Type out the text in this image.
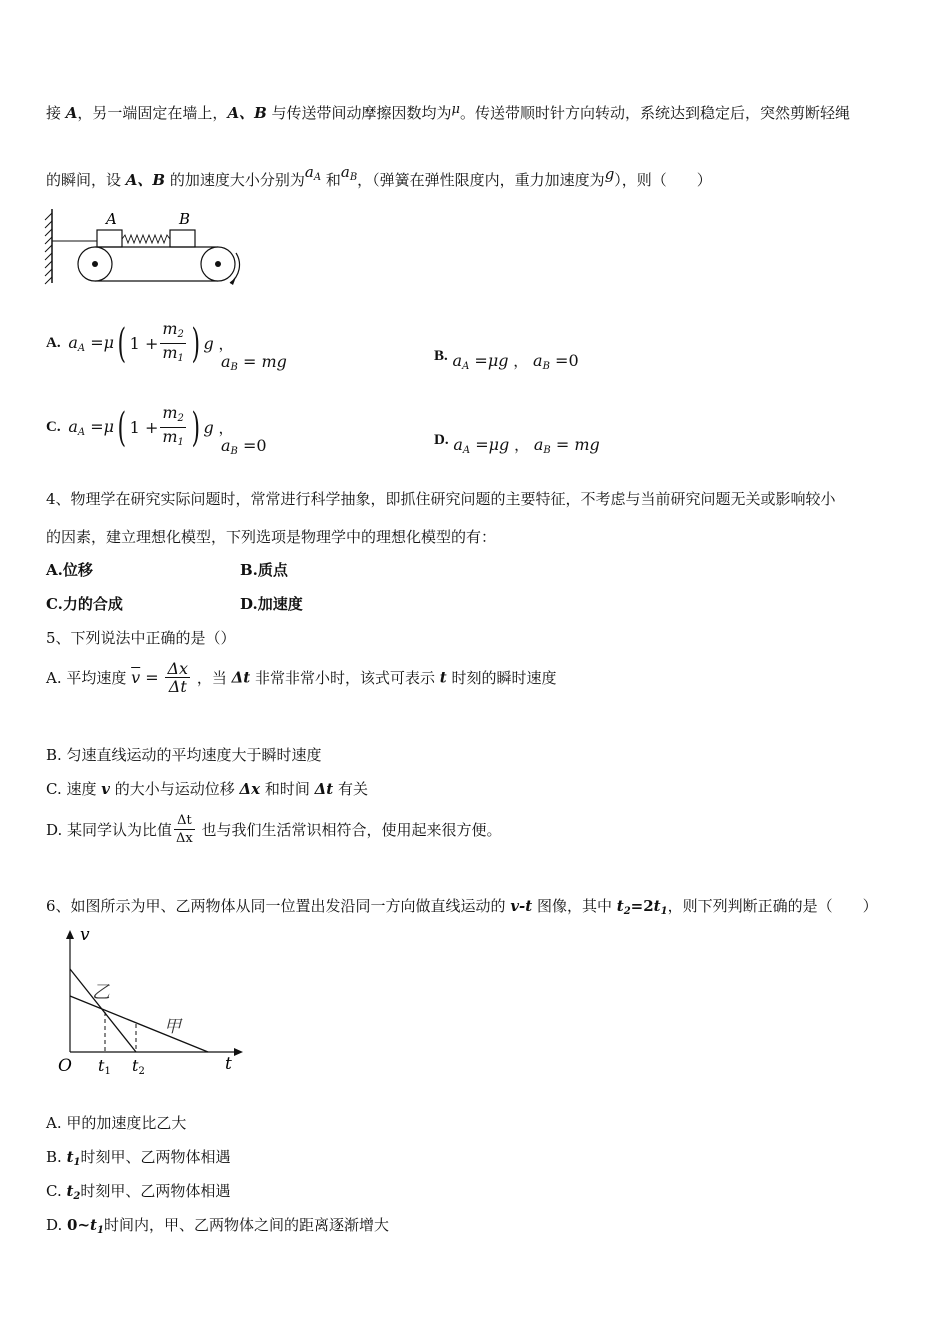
接 A，另一端固定在墙上，A、B 与传送带间动摩擦因数均为μ。传送带顺时针方向转动，系统达到稳定后，突然剪断轻绳
的瞬间，设 A、B 的加速度大小分别为$a_A$ 和$a_B$，（弹簧在弹性限度内，重力加速度为g），则（　　）
A	B
A. $a_A =\mu$( $1 + \frac{m_2}{m_1}$ ) g ，
$a_B$ = mg	B. $a_A =\mu g$ ， $a_B =0$
C. $a_A =\mu$( $1 + \frac{m_2}{m_1}$ ) g ，
$a_B =0$	D. $a_A =\mu g$ ， $a_B$ = mg
4、物理学在研究实际问题时，常常进行科学抽象，即抓住研究问题的主要特征，不考虑与当前研究问题无关或影响较小
的因素，建立理想化模型，下列选项是物理学中的理想化模型的有：
A.位移	B.质点
C.力的合成	D.加速度
5、下列说法中正确的是（）
A. 平均速度 $\overline{v} = \frac{\Delta x}{\Delta t}$ ，当 Δt 非常非常小时，该式可表示 t 时刻的瞬时速度
B. 匀速直线运动的平均速度大于瞬时速度
C. 速度 v 的大小与运动位移 Δx 和时间 Δt 有关
D. 某同学认为比值 $\frac{\Delta t}{\Delta x}$ 也与我们生活常识相符合，使用起来很方便。
6、如图所示为甲、乙两物体从同一位置出发沿同一方向做直线运动的 v-t 图像，其中 $t_2=2t_1$，则下列判断正确的是（　　）
v
t
O t1 t2
乙
甲
A. 甲的加速度比乙大
B. $t_1$时刻甲、乙两物体相遇
C. $t_2$时刻甲、乙两物体相遇
D. $0\sim t_1$时间内，甲、乙两物体之间的距离逐渐增大
